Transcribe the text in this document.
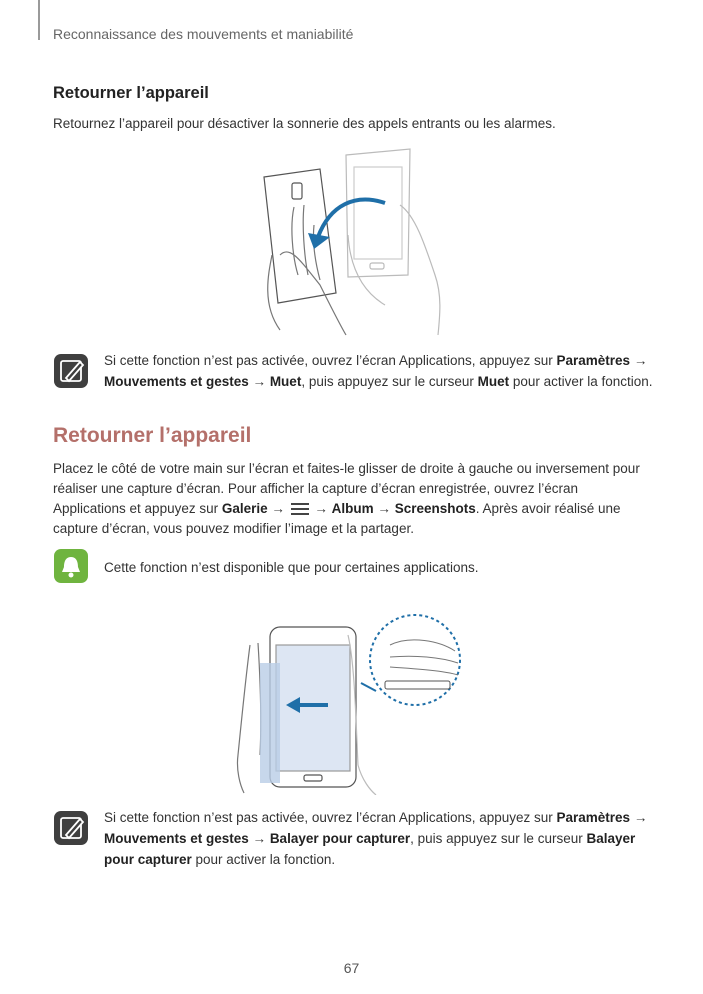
Reconnaissance des mouvements et maniabilité
Retourner l’appareil
Retournez l’appareil pour désactiver la sonnerie des appels entrants ou les alarmes.
Si cette fonction n’est pas activée, ouvrez l’écran Applications, appuyez sur Paramètres → Mouvements et gestes → Muet, puis appuyez sur le curseur Muet pour activer la fonction.
Retourner l’appareil
Placez le côté de votre main sur l’écran et faites-le glisser de droite à gauche ou inversement pour réaliser une capture d’écran. Pour afficher la capture d’écran enregistrée, ouvrez l’écran Applications et appuyez sur Galerie →  → Album → Screenshots. Après avoir réalisé une capture d’écran, vous pouvez modifier l’image et la partager.
Cette fonction n’est disponible que pour certaines applications.
Si cette fonction n’est pas activée, ouvrez l’écran Applications, appuyez sur Paramètres → Mouvements et gestes → Balayer pour capturer, puis appuyez sur le curseur Balayer pour capturer pour activer la fonction.
67
